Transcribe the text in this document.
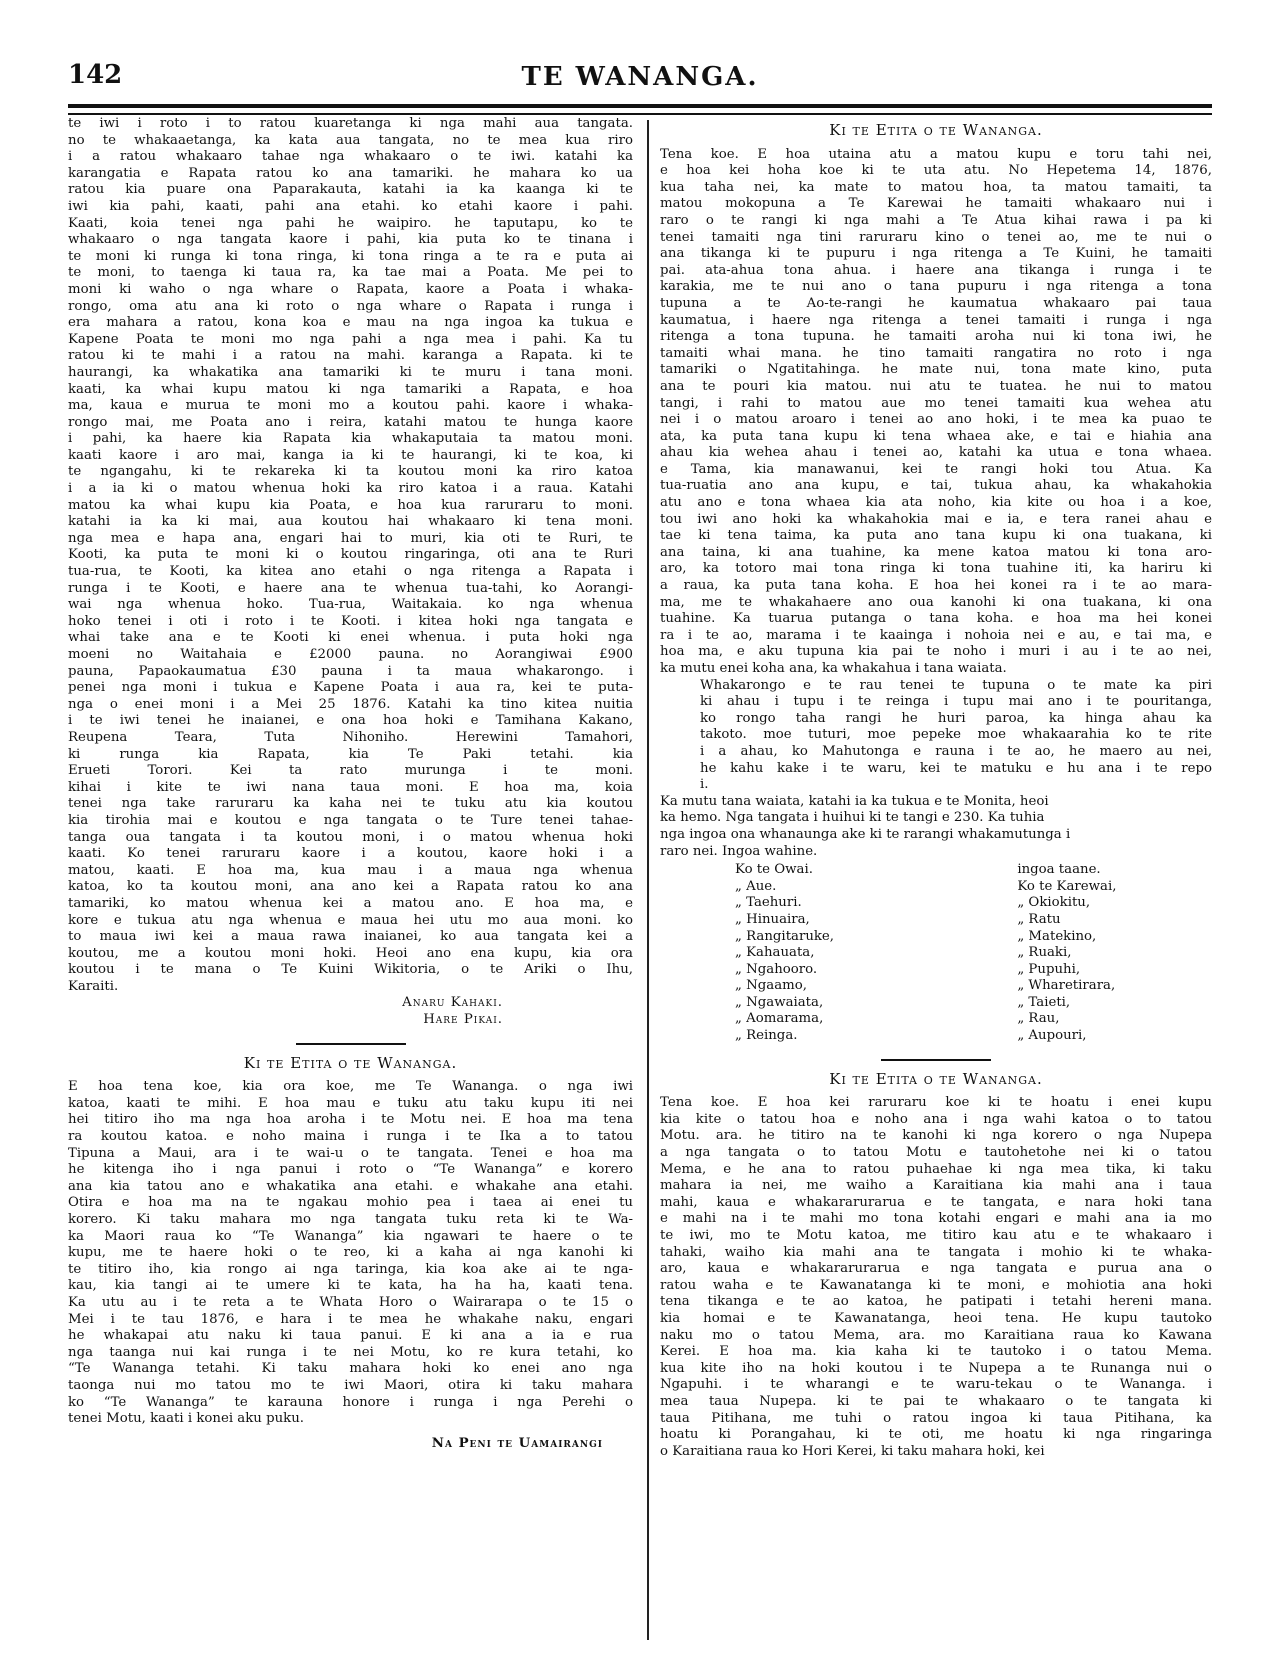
142	TE WANANGA.
te iwi i roto i to ratou kuaretanga ki nga mahi aua tangata.
no te whakaaetanga, ka kata aua tangata, no te mea kua riro
i a ratou whakaaro tahae nga whakaaro o te iwi. katahi ka
karangatia e Rapata ratou ko ana tamariki. he mahara ko ua
ratou kia puare ona Paparakauta, katahi ia ka kaanga ki te
iwi kia pahi, kaati, pahi ana etahi. ko etahi kaore i pahi.
Kaati, koia tenei nga pahi he waipiro. he taputapu, ko te
whakaaro o nga tangata kaore i pahi, kia puta ko te tinana i
te moni ki runga ki tona ringa, ki tona ringa a te ra e puta ai
te moni, to taenga ki taua ra, ka tae mai a Poata. Me pei to
moni ki waho o nga whare o Rapata, kaore a Poata i whaka-
rongo, oma atu ana ki roto o nga whare o Rapata i runga i
era mahara a ratou, kona koa e mau na nga ingoa ka tukua e
Kapene Poata te moni mo nga pahi a nga mea i pahi. Ka tu
ratou ki te mahi i a ratou na mahi. karanga a Rapata. ki te
haurangi, ka whakatika ana tamariki ki te muru i tana moni.
kaati, ka whai kupu matou ki nga tamariki a Rapata, e hoa
ma, kaua e murua te moni mo a koutou pahi. kaore i whaka-
rongo mai, me Poata ano i reira, katahi matou te hunga kaore
i pahi, ka haere kia Rapata kia whakaputaia ta matou moni.
kaati kaore i aro mai, kanga ia ki te haurangi, ki te koa, ki
te ngangahu, ki te rekareka ki ta koutou moni ka riro katoa
i a ia ki o matou whenua hoki ka riro katoa i a raua. Katahi
matou ka whai kupu kia Poata, e hoa kua raruraru to moni.
katahi ia ka ki mai, aua koutou hai whakaaro ki tena moni.
nga mea e hapa ana, engari hai to muri, kia oti te Ruri, te
Kooti, ka puta te moni ki o koutou ringaringa, oti ana te Ruri
tua-rua, te Kooti, ka kitea ano etahi o nga ritenga a Rapata i
runga i te Kooti, e haere ana te whenua tua-tahi, ko Aorangi-
wai nga whenua hoko. Tua-rua, Waitakaia. ko nga whenua
hoko tenei i oti i roto i te Kooti. i kitea hoki nga tangata e
whai take ana e te Kooti ki enei whenua. i puta hoki nga
moeni no Waitahaia e £2000 pauna. no Aorangiwai £900
pauna, Papaokaumatua £30 pauna i ta maua whakarongo. i
penei nga moni i tukua e Kapene Poata i aua ra, kei te puta-
nga o enei moni i a Mei 25 1876. Katahi ka tino kitea nuitia
i te iwi tenei he inaianei, e ona hoa hoki e Tamihana Kakano,
Reupena Teara, Tuta Nihoniho. Herewini Tamahori,
ki runga kia Rapata, kia Te Paki tetahi. kia
Erueti Torori. Kei ta rato murunga i te moni.
kihai i kite te iwi nana taua moni. E hoa ma, koia
tenei nga take raruraru ka kaha nei te tuku atu kia koutou
kia tirohia mai e koutou e nga tangata o te Ture tenei tahae-
tanga oua tangata i ta koutou moni, i o matou whenua hoki
kaati. Ko tenei raruraru kaore i a koutou, kaore hoki i a
matou, kaati. E hoa ma, kua mau i a maua nga whenua
katoa, ko ta koutou moni, ana ano kei a Rapata ratou ko ana
tamariki, ko matou whenua kei a matou ano. E hoa ma, e
kore e tukua atu nga whenua e maua hei utu mo aua moni. ko
to maua iwi kei a maua rawa inaianei, ko aua tangata kei a
koutou, me a koutou moni hoki. Heoi ano ena kupu, kia ora
koutou i te mana o Te Kuini Wikitoria, o te Ariki o Ihu,
Karaiti.
Anaru Kahaki.
Hare Pikai.
Ki te Etita o te Wananga.
E hoa tena koe, kia ora koe, me Te Wananga. o nga iwi
katoa, kaati te mihi. E hoa mau e tuku atu taku kupu iti nei
hei titiro iho ma nga hoa aroha i te Motu nei. E hoa ma tena
ra koutou katoa. e noho maina i runga i te Ika a to tatou
Tipuna a Maui, ara i te wai-u o te tangata. Tenei e hoa ma
he kitenga iho i nga panui i roto o “Te Wananga” e korero
ana kia tatou ano e whakatika ana etahi. e whakahe ana etahi.
Otira e hoa ma na te ngakau mohio pea i taea ai enei tu
korero. Ki taku mahara mo nga tangata tuku reta ki te Wa-
ka Maori raua ko “Te Wananga” kia ngawari te haere o te
kupu, me te haere hoki o te reo, ki a kaha ai nga kanohi ki
te titiro iho, kia rongo ai nga taringa, kia koa ake ai te nga-
kau, kia tangi ai te umere ki te kata, ha ha ha, kaati tena.
Ka utu au i te reta a te Whata Horo o Wairarapa o te 15 o
Mei i te tau 1876, e hara i te mea he whakahe naku, engari
he whakapai atu naku ki taua panui. E ki ana a ia e rua
nga taanga nui kai runga i te nei Motu, ko re kura tetahi, ko
“Te Wananga tetahi. Ki taku mahara hoki ko enei ano nga
taonga nui mo tatou mo te iwi Maori, otira ki taku mahara
ko “Te Wananga” te karauna honore i runga i nga Perehi o
tenei Motu, kaati i konei aku puku.
Na Peni te Uamairangi
Ki te Etita o te Wananga.
Tena koe. E hoa utaina atu a matou kupu e toru tahi nei,
e hoa kei hoha koe ki te uta atu. No Hepetema 14, 1876,
kua taha nei, ka mate to matou hoa, ta matou tamaiti, ta
matou mokopuna a Te Karewai he tamaiti whakaaro nui i
raro o te rangi ki nga mahi a Te Atua kihai rawa i pa ki
tenei tamaiti nga tini raruraru kino o tenei ao, me te nui o
ana tikanga ki te pupuru i nga ritenga a Te Kuini, he tamaiti
pai. ata-ahua tona ahua. i haere ana tikanga i runga i te
karakia, me te nui ano o tana pupuru i nga ritenga a tona
tupuna a te Ao-te-rangi he kaumatua whakaaro pai taua
kaumatua, i haere nga ritenga a tenei tamaiti i runga i nga
ritenga a tona tupuna. he tamaiti aroha nui ki tona iwi, he
tamaiti whai mana. he tino tamaiti rangatira no roto i nga
tamariki o Ngatitahinga. he mate nui, tona mate kino, puta
ana te pouri kia matou. nui atu te tuatea. he nui to matou
tangi, i rahi to matou aue mo tenei tamaiti kua wehea atu
nei i o matou aroaro i tenei ao ano hoki, i te mea ka puao te
ata, ka puta tana kupu ki tena whaea ake, e tai e hiahia ana
ahau kia wehea ahau i tenei ao, katahi ka utua e tona whaea.
e Tama, kia manawanui, kei te rangi hoki tou Atua. Ka
tua-ruatia ano ana kupu, e tai, tukua ahau, ka whakahokia
atu ano e tona whaea kia ata noho, kia kite ou hoa i a koe,
tou iwi ano hoki ka whakahokia mai e ia, e tera ranei ahau e
tae ki tena taima, ka puta ano tana kupu ki ona tuakana, ki
ana taina, ki ana tuahine, ka mene katoa matou ki tona aro-
aro, ka totoro mai tona ringa ki tona tuahine iti, ka hariru ki
a raua, ka puta tana koha. E hoa hei konei ra i te ao mara-
ma, me te whakahaere ano oua kanohi ki ona tuakana, ki ona
tuahine. Ka tuarua putanga o tana koha. e hoa ma hei konei
ra i te ao, marama i te kaainga i nohoia nei e au, e tai ma, e
hoa ma, e aku tupuna kia pai te noho i muri i au i te ao nei,
ka mutu enei koha ana, ka whakahua i tana waiata.
Whakarongo e te rau tenei te tupuna o te mate ka piri
ki ahau i tupu i te reinga i tupu mai ano i te pouritanga,
ko rongo taha rangi he huri paroa, ka hinga ahau ka
takoto. moe tuturi, moe pepeke moe whakaarahia ko te rite
i a ahau, ko Mahutonga e rauna i te ao, he maero au nei,
he kahu kake i te waru, kei te matuku e hu ana i te repo
i.
Ka mutu tana waiata, katahi ia ka tukua e te Monita, heoi
ka hemo. Nga tangata i huihui ki te tangi e 230. Ka tuhia
nga ingoa ona whanaunga ake ki te rarangi whakamutunga i
raro nei. Ingoa wahine.
Ko te Owai.
„ Aue.
„ Taehuri.
„ Hinuaira,
„ Rangitaruke,
„ Kahauata,
„ Ngahooro.
„ Ngaamo,
„ Ngawaiata,
„ Aomarama,
„ Reinga.
ingoa taane.
Ko te Karewai,
„ Okiokitu,
„ Ratu
„ Matekino,
„ Ruaki,
„ Pupuhi,
„ Wharetirara,
„ Taieti,
„ Rau,
„ Aupouri,
Ki te Etita o te Wananga.
Tena koe. E hoa kei raruraru koe ki te hoatu i enei kupu
kia kite o tatou hoa e noho ana i nga wahi katoa o to tatou
Motu. ara. he titiro na te kanohi ki nga korero o nga Nupepa
a nga tangata o to tatou Motu e tautohetohe nei ki o tatou
Mema, e he ana to ratou puhaehae ki nga mea tika, ki taku
mahara ia nei, me waiho a Karaitiana kia mahi ana i taua
mahi, kaua e whakararurarua e te tangata, e nara hoki tana
e mahi na i te mahi mo tona kotahi engari e mahi ana ia mo
te iwi, mo te Motu katoa, me titiro kau atu e te whakaaro i
tahaki, waiho kia mahi ana te tangata i mohio ki te whaka-
aro, kaua e whakararurarua e nga tangata e purua ana o
ratou waha e te Kawanatanga ki te moni, e mohiotia ana hoki
tena tikanga e te ao katoa, he patipati i tetahi hereni mana.
kia homai e te Kawanatanga, heoi tena. He kupu tautoko
naku mo o tatou Mema, ara. mo Karaitiana raua ko Kawana
Kerei. E hoa ma. kia kaha ki te tautoko i o tatou Mema.
kua kite iho na hoki koutou i te Nupepa a te Runanga nui o
Ngapuhi. i te wharangi e te waru-tekau o te Wananga. i
mea taua Nupepa. ki te pai te whakaaro o te tangata ki
taua Pitihana, me tuhi o ratou ingoa ki taua Pitihana, ka
hoatu ki Porangahau, ki te oti, me hoatu ki nga ringaringa
o Karaitiana raua ko Hori Kerei, ki taku mahara hoki, kei
